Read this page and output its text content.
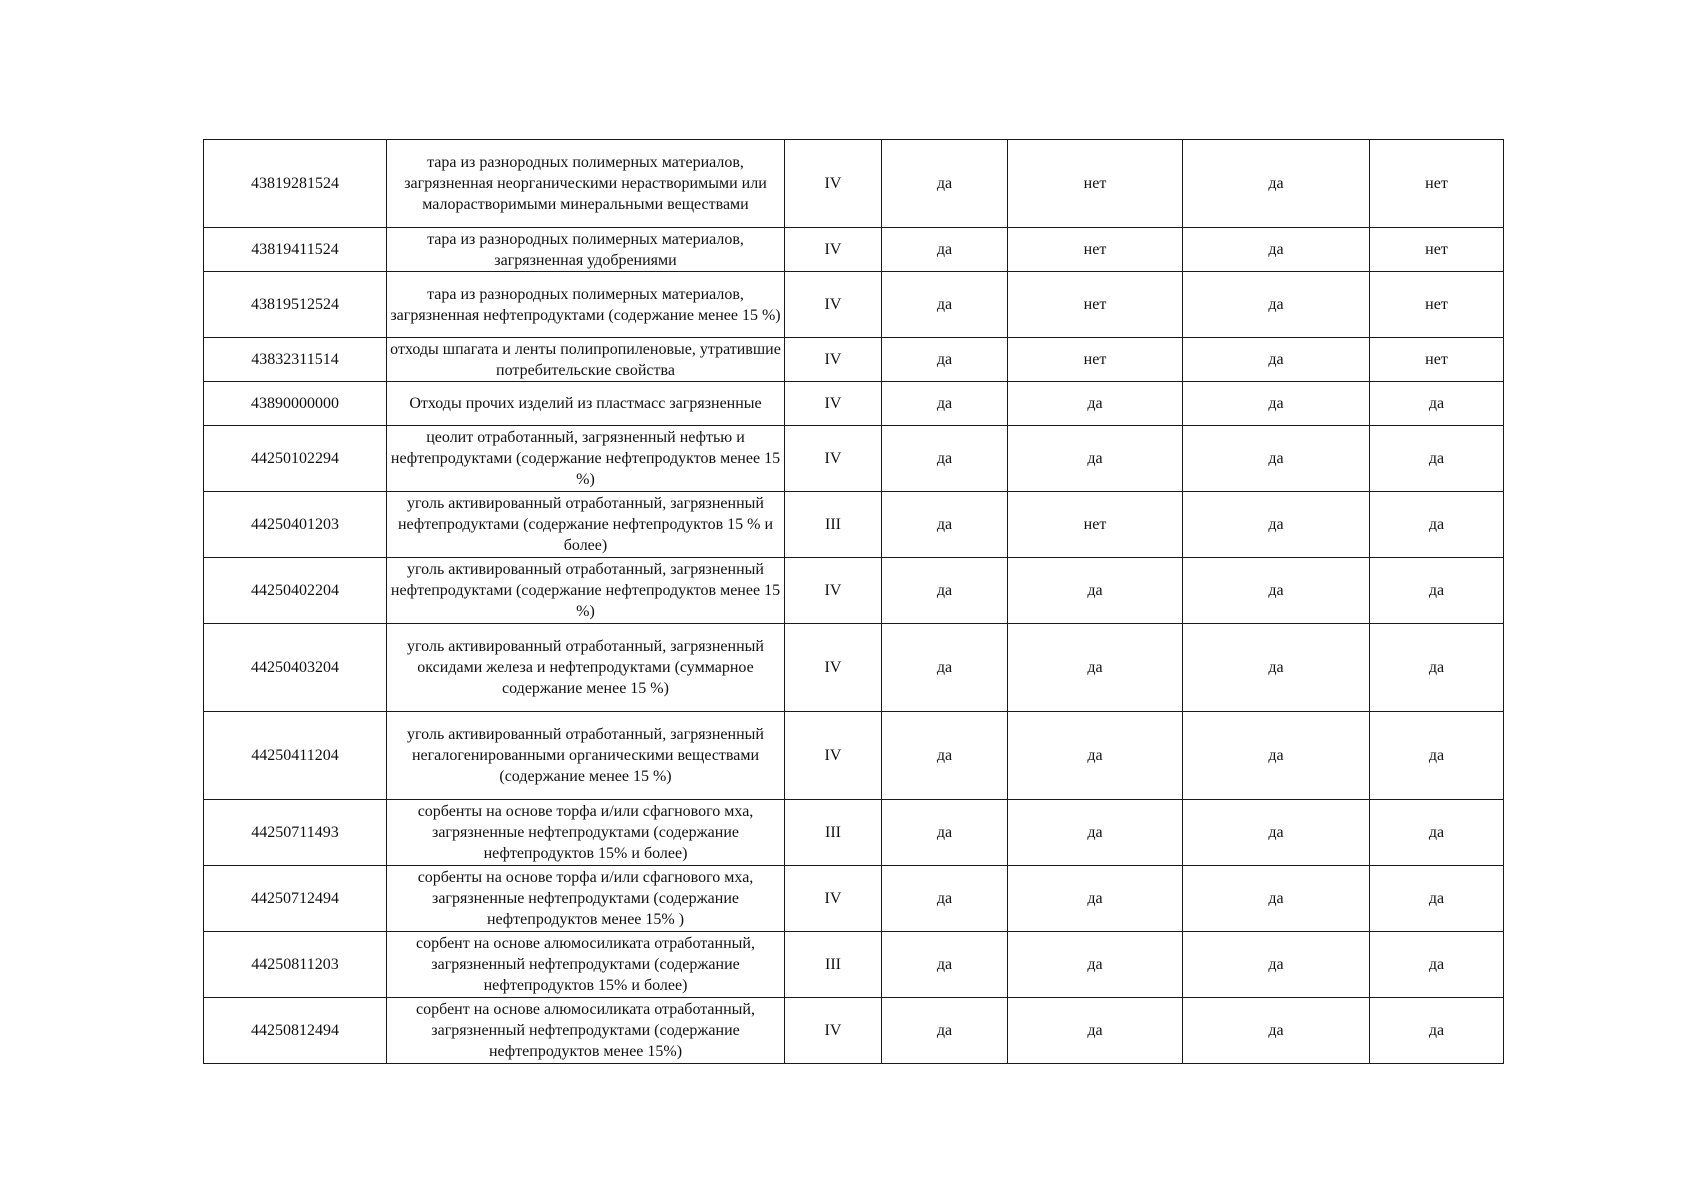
43819281524	тара из разнородных полимерных материалов, загрязненная неорганическими нерастворимыми или малорастворимыми минеральными веществами	IV	да	нет	да	нет
43819411524	тара из разнородных полимерных материалов, загрязненная удобрениями	IV	да	нет	да	нет
43819512524	тара из разнородных полимерных материалов, загрязненная нефтепродуктами (содержание менее 15 %)	IV	да	нет	да	нет
43832311514	отходы шпагата и ленты полипропиленовые, утратившие потребительские свойства	IV	да	нет	да	нет
43890000000	Отходы прочих изделий из пластмасс загрязненные	IV	да	да	да	да
44250102294	цеолит отработанный, загрязненный нефтью и нефтепродуктами (содержание нефтепродуктов менее 15 %)	IV	да	да	да	да
44250401203	уголь активированный отработанный, загрязненный нефтепродуктами (содержание нефтепродуктов 15 % и более)	III	да	нет	да	да
44250402204	уголь активированный отработанный, загрязненный нефтепродуктами (содержание нефтепродуктов менее 15 %)	IV	да	да	да	да
44250403204	уголь активированный отработанный, загрязненный оксидами железа и нефтепродуктами (суммарное содержание менее 15 %)	IV	да	да	да	да
44250411204	уголь активированный отработанный, загрязненный негалогенированными органическими веществами (содержание менее 15 %)	IV	да	да	да	да
44250711493	сорбенты на основе торфа и/или сфагнового мха, загрязненные нефтепродуктами (содержание нефтепродуктов 15% и более)	III	да	да	да	да
44250712494	сорбенты на основе торфа и/или сфагнового мха, загрязненные нефтепродуктами (содержание нефтепродуктов менее 15% )	IV	да	да	да	да
44250811203	сорбент на основе алюмосиликата отработанный, загрязненный нефтепродуктами (содержание нефтепродуктов 15% и более)	III	да	да	да	да
44250812494	сорбент на основе алюмосиликата отработанный, загрязненный нефтепродуктами (содержание нефтепродуктов менее 15%)	IV	да	да	да	да
